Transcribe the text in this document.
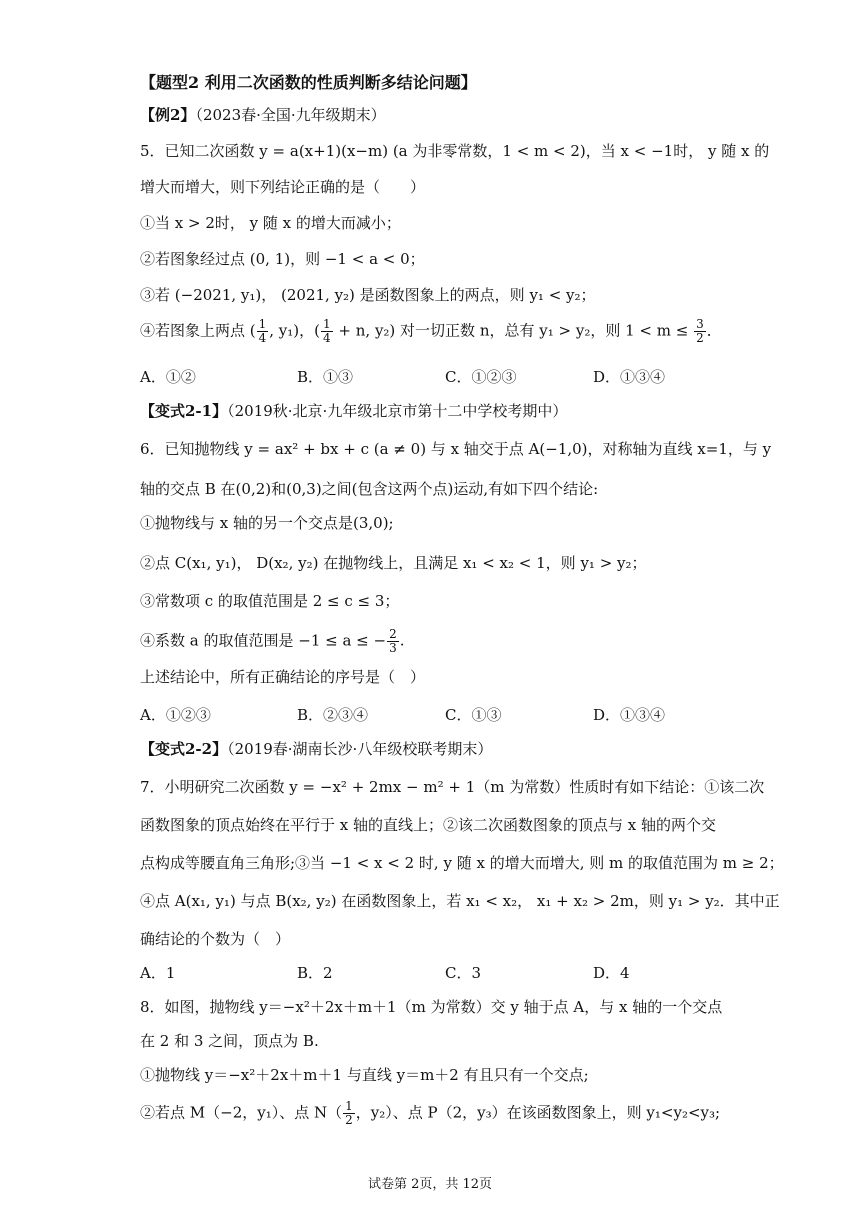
【题型2 利用二次函数的性质判断多结论问题】
【例2】（2023春·全国·九年级期末）
5．已知二次函数 y = a(x+1)(x−m) (a 为非零常数，1 < m < 2)，当 x < −1时， y 随 x 的
增大而增大，则下列结论正确的是（　　）
①当 x > 2时， y 随 x 的增大而减小；
②若图象经过点 (0, 1)，则 −1 < a < 0；
③若 (−2021, y₁)， (2021, y₂) 是函数图象上的两点，则 y₁ < y₂；
④若图象上两点 ( $\frac{1}{4}$ , y₁)，( $\frac{1}{4} + n$, y₂) 对一切正数 n，总有 y₁ > y₂，则 $1 < m \le \frac{3}{2}$ ．
A．①②	B．①③	C．①②③	D．①③④
【变式2-1】（2019秋·北京·九年级北京市第十二中学校考期中）
6．已知抛物线 y = ax² + bx + c (a ≠ 0) 与 x 轴交于点 A(−1,0)，对称轴为直线 x=1，与 y
轴的交点 B 在(0,2)和(0,3)之间(包含这两个点)运动,有如下四个结论:
①抛物线与 x 轴的另一个交点是(3,0);
②点 C(x₁, y₁)， D(x₂, y₂) 在抛物线上，且满足 x₁ < x₂ < 1，则 y₁ > y₂；
③常数项 c 的取值范围是 2 ≤ c ≤ 3；
④系数 a 的取值范围是 −1 ≤ a ≤ − $\frac{2}{3}$ .
上述结论中，所有正确结论的序号是（　）
A．①②③	B．②③④	C．①③	D．①③④
【变式2-2】（2019春·湖南长沙·八年级校联考期末）
7．小明研究二次函数 y = −x² + 2mx − m² + 1（m 为常数）性质时有如下结论：①该二次
函数图象的顶点始终在平行于 x 轴的直线上；②该二次函数图象的顶点与 x 轴的两个交
点构成等腰直角三角形;③当 −1 < x < 2 时, y 随 x 的增大而增大, 则 m 的取值范围为 m ≥ 2；
④点 A(x₁, y₁) 与点 B(x₂, y₂) 在函数图象上，若 x₁ < x₂， x₁ + x₂ > 2m，则 y₁ > y₂．其中正
确结论的个数为（　）
A．1	B．2	C．3	D．4
8．如图，抛物线 y＝−x²＋2x＋m＋1（m 为常数）交 y 轴于点 A，与 x 轴的一个交点
在 2 和 3 之间，顶点为 B.
①抛物线 y＝−x²＋2x＋m＋1 与直线 y＝m＋2 有且只有一个交点;
②若点 M（−2，y₁）、点 $N( \frac{1}{2}$ ，y₂）、点 P（2，y₃）在该函数图象上，则 y₁<y₂<y₃;
试卷第 2页，共 12页
